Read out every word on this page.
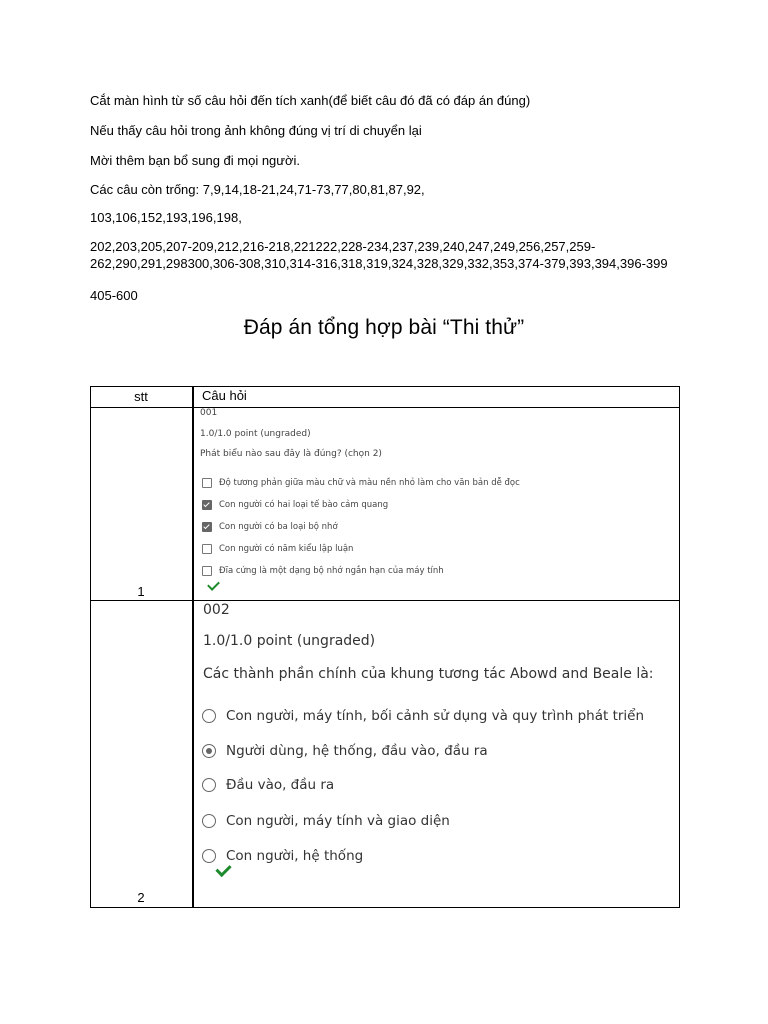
Cắt màn hình từ số câu hỏi đến tích xanh(để biết câu đó đã có đáp án đúng)

Nếu thấy câu hỏi trong ảnh không đúng vị trí di chuyển lại

Mời thêm bạn bổ sung đi mọi người.

Các câu còn trống: 7,9,14,18-21,24,71-73,77,80,81,87,92,

103,106,152,193,196,198,

202,203,205,207-209,212,216-218,221222,228-234,237,239,240,247,249,256,257,259-262,290,291,298300,306-308,310,314-316,318,319,324,328,329,332,353,374-379,393,394,396-399

405-600

Đáp án tổng hợp bài “Thi thử”
stt	Câu hỏi
1
001
1.0/1.0 point (ungraded)
Phát biểu nào sau đây là đúng? (chọn 2)
Độ tương phản giữa màu chữ và màu nền nhỏ làm cho văn bản dễ đọc
Con người có hai loại tế bào cảm quang
Con người có ba loại bộ nhớ
Con người có năm kiểu lập luận
Đĩa cứng là một dạng bộ nhớ ngắn hạn của máy tính
2
002
1.0/1.0 point (ungraded)
Các thành phần chính của khung tương tác Abowd and Beale là:
Con người, máy tính, bối cảnh sử dụng và quy trình phát triển
Người dùng, hệ thống, đầu vào, đầu ra
Đầu vào, đầu ra
Con người, máy tính và giao diện
Con người, hệ thống
